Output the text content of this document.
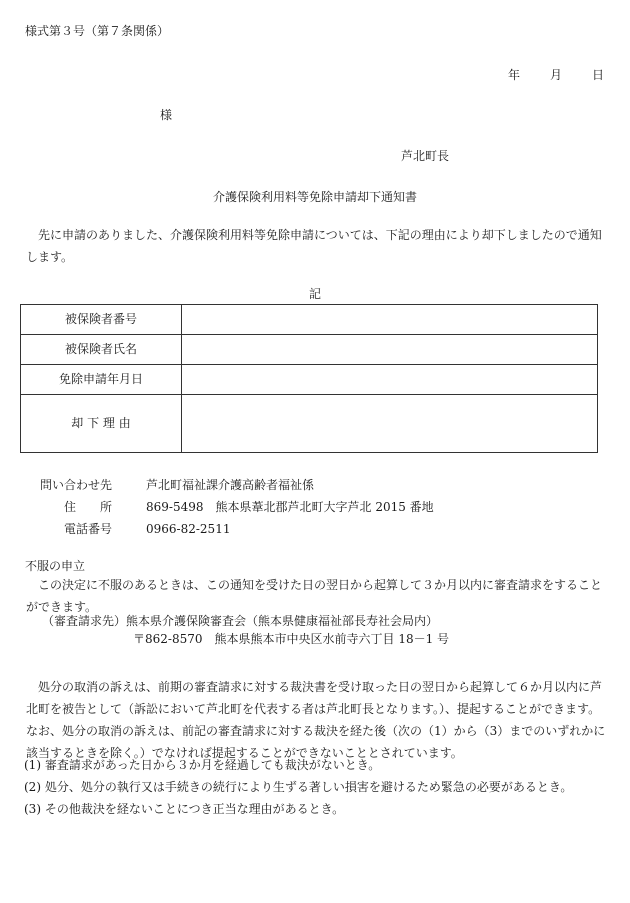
様式第３号（第７条関係）
年	月	日
様
芦北町長
介護保険利用料等免除申請却下通知書
先に申請のありました、介護保険利用料等免除申請については、下記の理由により却下しましたので通知します。
記
被保険者番号	
被保険者氏名	
免除申請年月日	
却 下 理 由	
問い合わせ先	芦北町福祉課介護高齢者福祉係
住 所	869-5498　熊本県葦北郡芦北町大字芦北 2015 番地
電話番号	0966-82-2511
不服の申立
この決定に不服のあるときは、この通知を受けた日の翌日から起算して３か月以内に審査請求をすることができます。
（審査請求先）熊本県介護保険審査会（熊本県健康福祉部長寿社会局内）
〒862-8570　熊本県熊本市中央区水前寺六丁目 18－1 号
処分の取消の訴えは、前期の審査請求に対する裁決書を受け取った日の翌日から起算して６か月以内に芦北町を被告として（訴訟において芦北町を代表する者は芦北町長となります。）、提起することができます。なお、処分の取消の訴えは、前記の審査請求に対する裁決を経た後（次の（1）から（3）までのいずれかに該当するときを除く。）でなければ提起することができないこととされています。
(1) 審査請求があった日から３か月を経過しても裁決がないとき。
(2) 処分、処分の執行又は手続きの続行により生ずる著しい損害を避けるため緊急の必要があるとき。
(3) その他裁決を経ないことにつき正当な理由があるとき。
